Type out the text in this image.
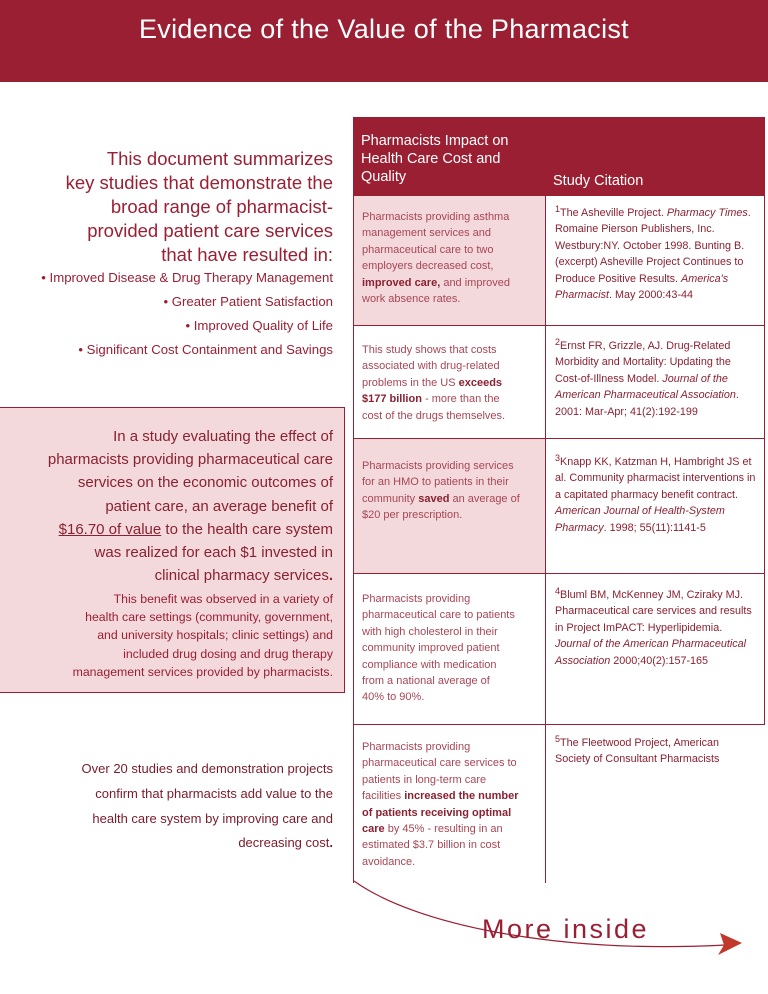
Evidence of the Value of the Pharmacist
This document summarizes
key studies that demonstrate the
broad range of pharmacist-
provided patient care services
that have resulted in:
• Improved Disease & Drug Therapy Management
• Greater Patient Satisfaction
• Improved Quality of Life
• Significant Cost Containment and Savings
In a study evaluating the effect of
pharmacists providing pharmaceutical care
services on the economic outcomes of
patient care, an average benefit of
$16.70 of value to the health care system
was realized for each $1 invested in
clinical pharmacy services.
This benefit was observed in a variety of
health care settings (community, government,
and university hospitals; clinic settings) and
included drug dosing and drug therapy
management services provided by pharmacists.
Over 20 studies and demonstration projects
confirm that pharmacists add value to the
health care system by improving care and
decreasing cost.
Pharmacists Impact on
Health Care Cost and
Quality	Study Citation
Pharmacists providing asthma
management services and
pharmaceutical care to two
employers decreased cost,
improved care, and improved
work absence rates.
$^1$The Asheville Project. Pharmacy Times. Romaine Pierson Publishers, Inc. Westbury:NY. October 1998. Bunting B. (excerpt) Asheville Project Continues to Produce Positive Results. America's Pharmacist. May 2000:43-44
This study shows that costs
associated with drug-related
problems in the US exceeds
$177 billion - more than the
cost of the drugs themselves.
$^2$Ernst FR, Grizzle, AJ. Drug-Related Morbidity and Mortality: Updating the Cost-of-Illness Model. Journal of the American Pharmaceutical Association. 2001: Mar-Apr; 41(2):192-199
Pharmacists providing services
for an HMO to patients in their
community saved an average of
$20 per prescription.
$^3$Knapp KK, Katzman H, Hambright JS et al. Community pharmacist interventions in a capitated pharmacy benefit contract. American Journal of Health-System Pharmacy. 1998; 55(11):1141-5
Pharmacists providing
pharmaceutical care to patients
with high cholesterol in their
community improved patient
compliance with medication
from a national average of
40% to 90%.
$^4$Bluml BM, McKenney JM, Cziraky MJ. Pharmaceutical care services and results in Project ImPACT: Hyperlipidemia. Journal of the American Pharmaceutical Association 2000;40(2):157-165
Pharmacists providing
pharmaceutical care services to
patients in long-term care
facilities increased the number
of patients receiving optimal
care by 45% - resulting in an
estimated $3.7 billion in cost
avoidance.
$^5$The Fleetwood Project, American Society of Consultant Pharmacists
More inside
